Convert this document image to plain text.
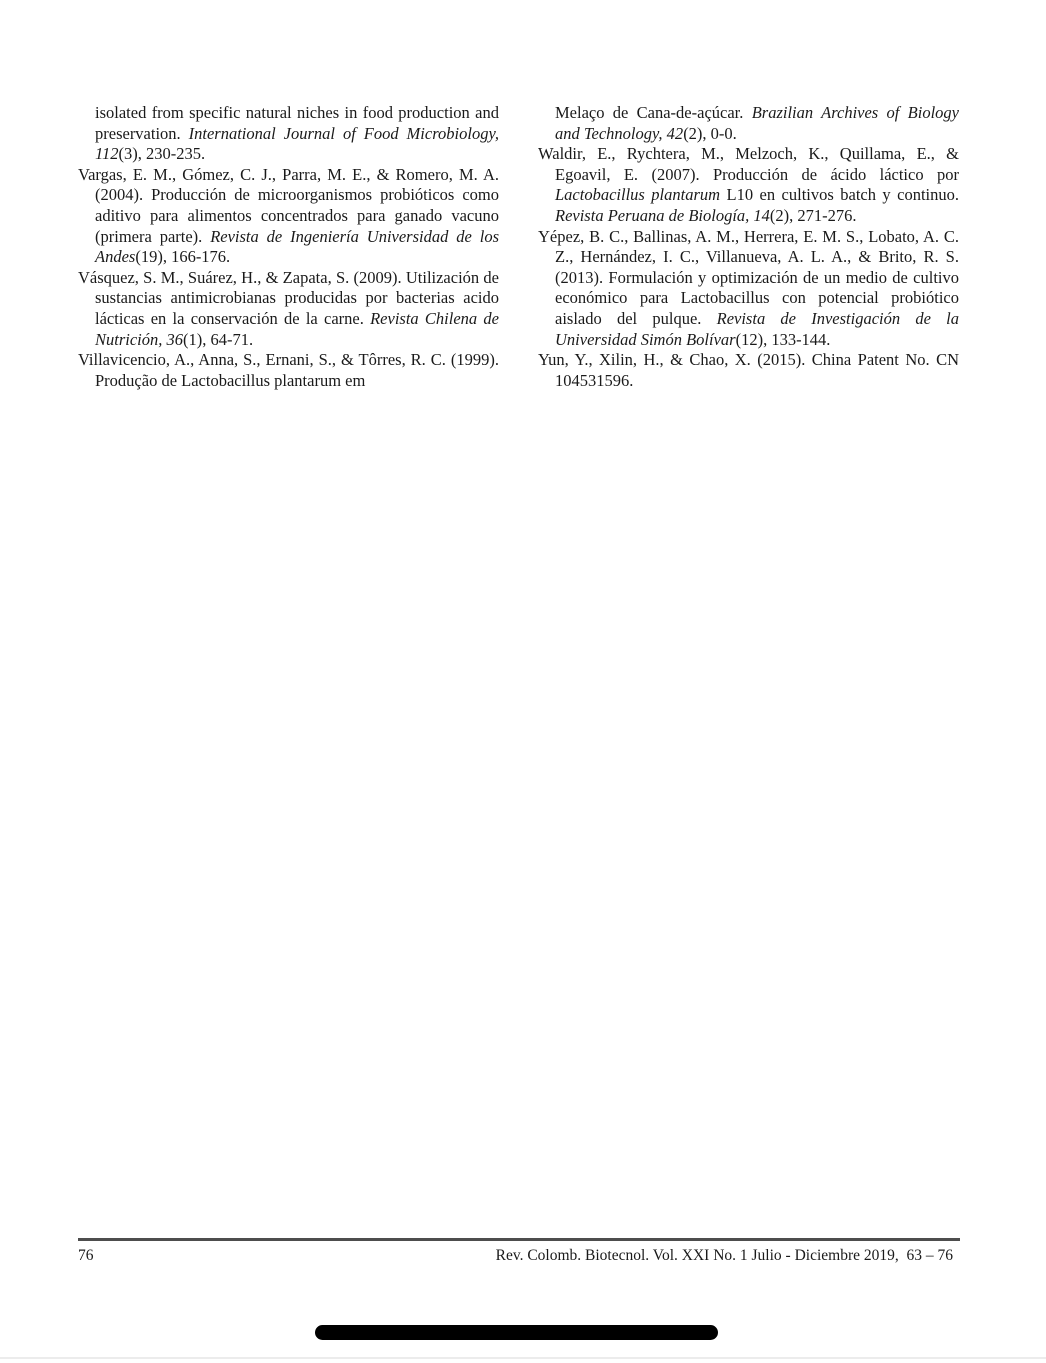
isolated from specific natural niches in food production and preservation. International Journal of Food Microbiology, 112(3), 230-235.

Vargas, E. M., Gómez, C. J., Parra, M. E., & Romero, M. A. (2004). Producción de microorganismos probióticos como aditivo para alimentos concentrados para ganado vacuno (primera parte). Revista de Ingeniería Universidad de los Andes(19), 166-176.

Vásquez, S. M., Suárez, H., & Zapata, S. (2009). Utilización de sustancias antimicrobianas producidas por bacterias acido lácticas en la conservación de la carne. Revista Chilena de Nutrición, 36(1), 64-71.

Villavicencio, A., Anna, S., Ernani, S., & Tôrres, R. C. (1999). Produção de Lactobacillus plantarum em

Melaço de Cana-de-açúcar. Brazilian Archives of Biology and Technology, 42(2), 0-0.

Waldir, E., Rychtera, M., Melzoch, K., Quillama, E., & Egoavil, E. (2007). Producción de ácido láctico por Lactobacillus plantarum L10 en cultivos batch y continuo. Revista Peruana de Biología, 14(2), 271-276.

Yépez, B. C., Ballinas, A. M., Herrera, E. M. S., Lobato, A. C. Z., Hernández, I. C., Villanueva, A. L. A., & Brito, R. S. (2013). Formulación y optimización de un medio de cultivo económico para Lactobacillus con potencial probiótico aislado del pulque. Revista de Investigación de la Universidad Simón Bolívar(12), 133-144.

Yun, Y., Xilin, H., & Chao, X. (2015). China Patent No. CN 104531596.

76	Rev. Colomb. Biotecnol. Vol. XXI No. 1 Julio - Diciembre 2019,  63 – 76
